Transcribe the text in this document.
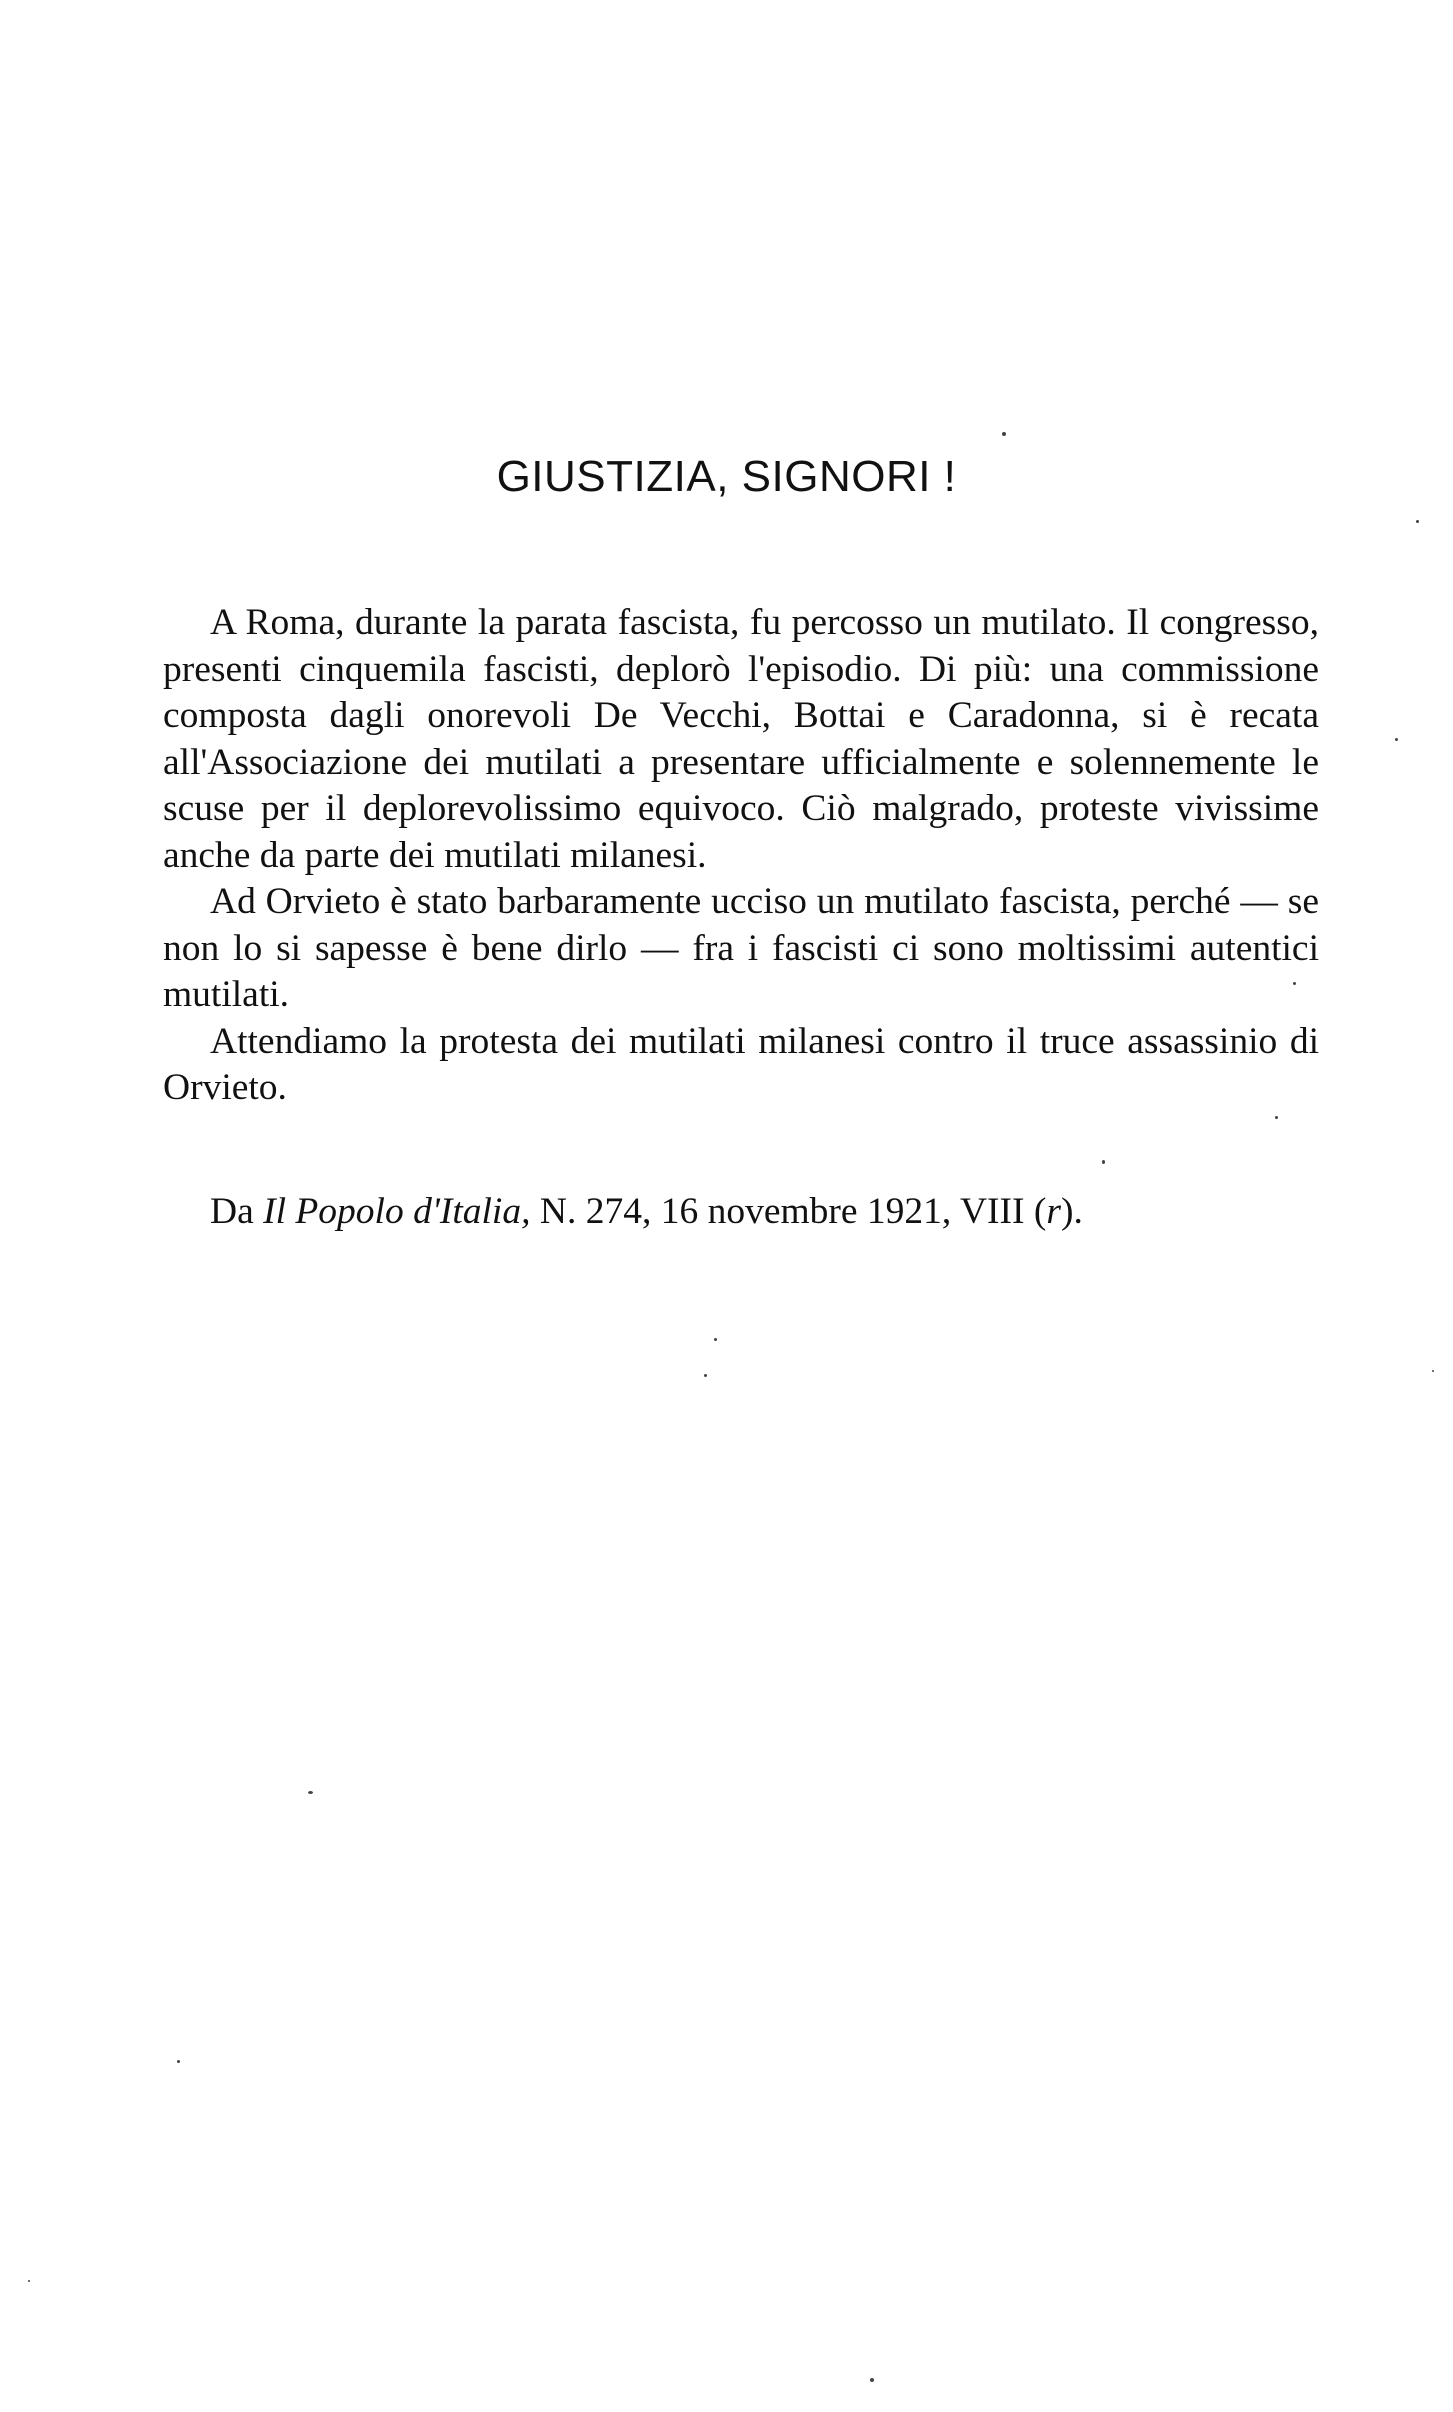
GIUSTIZIA, SIGNORI !

A Roma, durante la parata fascista, fu percosso un mutilato. Il congresso, presenti cinquemila fascisti, deplorò l'episodio. Di più: una commissione composta dagli onorevoli De Vecchi, Bottai e Caradonna, si è recata all'Associazione dei mutilati a presentare ufficialmente e solennemente le scuse per il deplorevolissimo equivoco. Ciò malgrado, proteste vivissime anche da parte dei mutilati milanesi.

Ad Orvieto è stato barbaramente ucciso un mutilato fascista, perché — se non lo si sapesse è bene dirlo — fra i fascisti ci sono moltissimi autentici mutilati.

Attendiamo la protesta dei mutilati milanesi contro il truce assassinio di Orvieto.

Da Il Popolo d'Italia, N. 274, 16 novembre 1921, VIII (r).
